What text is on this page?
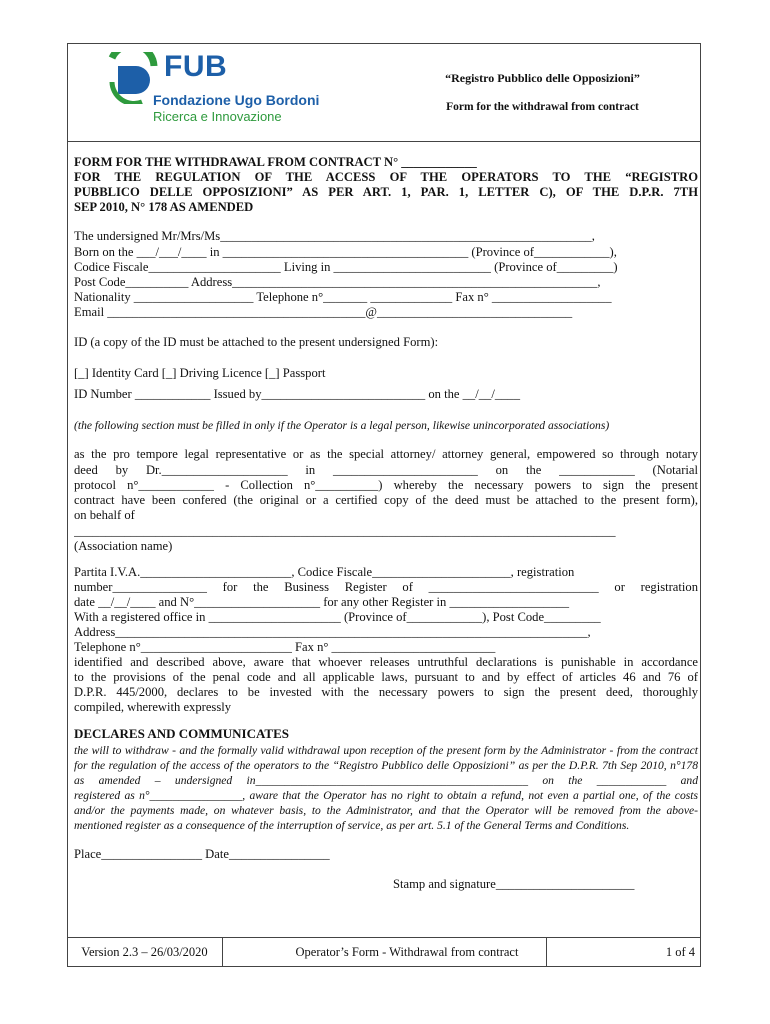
FUB
Fondazione Ugo Bordoni
Ricerca e Innovazione
“Registro Pubblico delle Opposizioni”
Form for the withdrawal from contract

FORM FOR THE WITHDRAWAL FROM CONTRACT N° ____________

FOR THE REGULATION OF THE ACCESS OF THE OPERATORS TO THE “REGISTRO

PUBBLICO DELLE OPPOSIZIONI” AS PER ART. 1, PAR. 1, LETTER C), OF THE D.P.R. 7TH

SEP 2010, N° 178 AS AMENDED

The undersigned Mr/Mrs/Ms___________________________________________________________,

Born on the ___/___/____ in _______________________________________ (Province of____________),

Codice Fiscale_____________________ Living in _________________________ (Province of_________)

Post Code__________ Address__________________________________________________________,

Nationality ___________________ Telephone n°_______ _____________ Fax n° ___________________

Email _________________________________________@_______________________________

ID (a copy of the ID must be attached to the present undersigned Form):

[_] Identity Card [_] Driving Licence [_] Passport

ID Number ____________ Issued by__________________________ on the __/__/____

(the following section must be filled in only if the Operator is a legal person, likewise unincorporated associations)

as the pro tempore legal representative or as the special attorney/ attorney general, empowered so through notary

deed by Dr.____________________ in _______________________ on the ____________ (Notarial

protocol n°____________ - Collection n°__________) whereby the necessary powers to sign the present

contract have been confered (the original or a certified copy of the deed must be attached to the present form),

on behalf of

______________________________________________________________________________________

(Association name)

Partita I.V.A.________________________, Codice Fiscale______________________, registration

number_______________ for the Business Register of ___________________________ or registration

date __/__/____ and N°____________________ for any other Register in ___________________

With a registered office in _____________________ (Province of____________), Post Code_________

Address___________________________________________________________________________,

Telephone n°________________________ Fax n° __________________________

identified and described above, aware that whoever releases untruthful declarations is punishable in accordance

to the provisions of the penal code and all applicable laws, pursuant to and by effect of articles 46 and 76 of

D.P.R. 445/2000, declares to be invested with the necessary powers to sign the present deed, thoroughly

compiled, wherewith expressly

DECLARES AND COMMUNICATES

the will to withdraw - and the formally valid withdrawal upon reception of the present form by the Administrator - from the contract

for the regulation of the access of the operators to the “Registro Pubblico delle Opposizioni” as per the D.P.R. 7th Sep 2010, n°178

as amended – undersigned in_______________________________________________ on the ____________ and

registered as n°________________, aware that the Operator has no right to obtain a refund, not even a partial one, of the costs

and/or the payments made, on whatever basis, to the Administrator, and that the Operator will be removed from the above-

mentioned register as a consequence of the interruption of service, as per art. 5.1 of the General Terms and Conditions.

Place________________ Date________________

Stamp and signature______________________

Version 2.3 – 26/03/2020	Operator’s Form - Withdrawal from contract	1 of 4
